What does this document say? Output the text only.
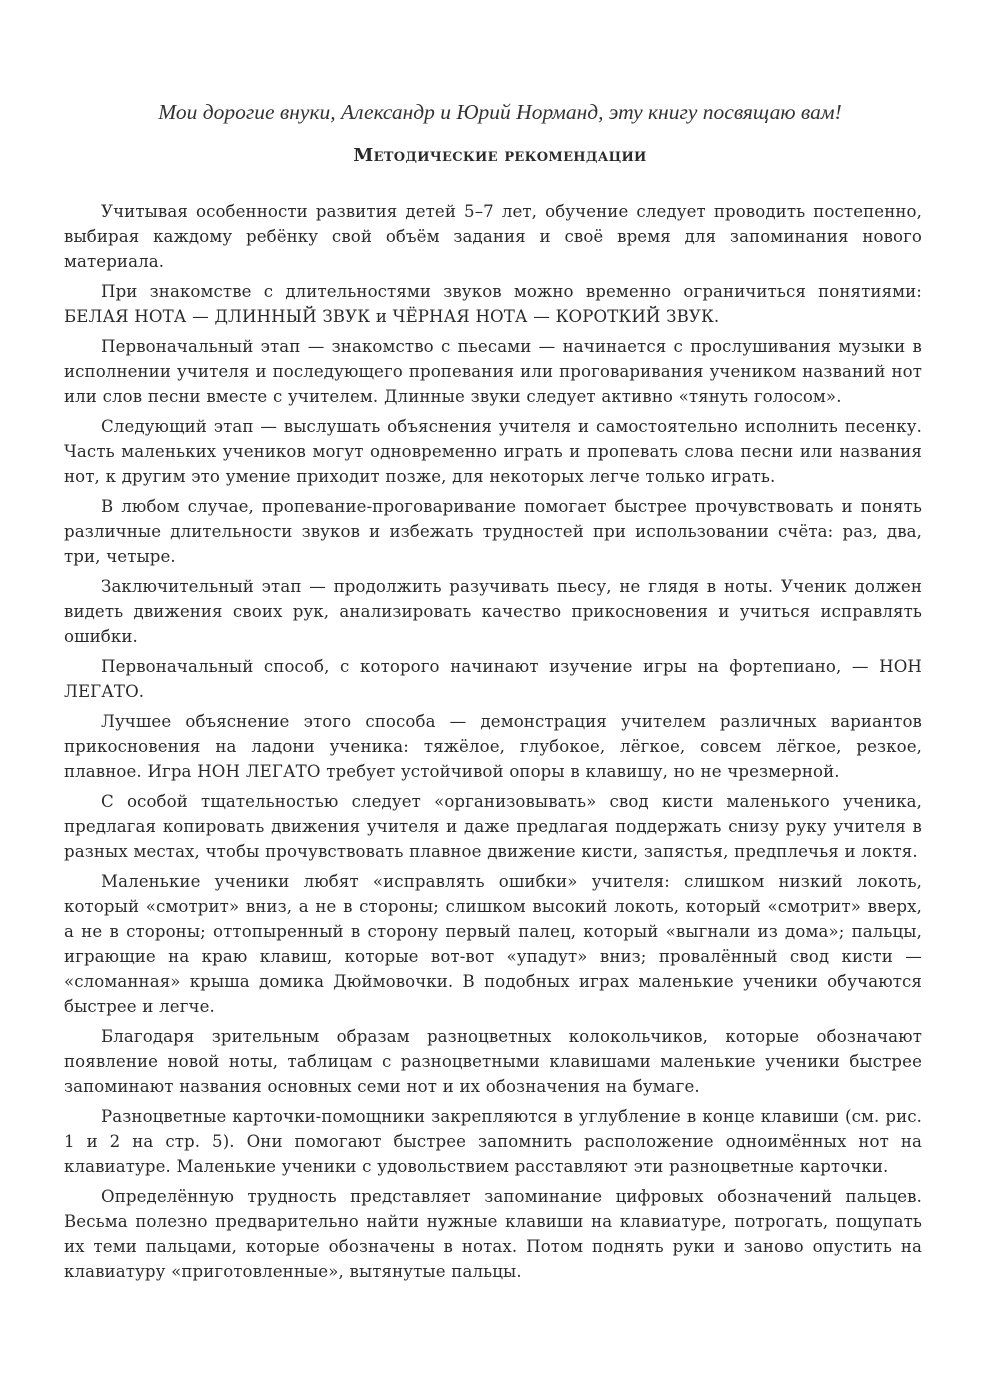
Мои дорогие внуки, Александр и Юрий Норманд, эту книгу посвящаю вам!

Методические рекомендации

Учитывая особенности развития детей 5–7 лет, обучение следует проводить постепенно, выбирая каждому ребёнку свой объём задания и своё время для запоминания нового материала.

При знакомстве с длительностями звуков можно временно ограничиться понятиями: БЕЛАЯ НОТА — ДЛИННЫЙ ЗВУК и ЧЁРНАЯ НОТА — КОРОТКИЙ ЗВУК.

Первоначальный этап — знакомство с пьесами — начинается с прослушивания музыки в исполнении учителя и последующего пропевания или проговаривания учеником названий нот или слов песни вместе с учителем. Длинные звуки следует активно «тянуть голосом».

Следующий этап — выслушать объяснения учителя и самостоятельно исполнить песенку. Часть маленьких учеников могут одновременно играть и пропевать слова песни или названия нот, к другим это умение приходит позже, для некоторых легче только играть.

В любом случае, пропевание-проговаривание помогает быстрее прочувствовать и понять различные длительности звуков и избежать трудностей при использовании счёта: раз, два, три, четыре.

Заключительный этап — продолжить разучивать пьесу, не глядя в ноты. Ученик должен видеть движения своих рук, анализировать качество прикосновения и учиться исправлять ошибки.

Первоначальный способ, с которого начинают изучение игры на фортепиано, — НОН ЛЕГАТО.

Лучшее объяснение этого способа — демонстрация учителем различных вариантов прикосновения на ладони ученика: тяжёлое, глубокое, лёгкое, совсем лёгкое, резкое, плавное. Игра НОН ЛЕГАТО требует устойчивой опоры в клавишу, но не чрезмерной.

С особой тщательностью следует «организовывать» свод кисти маленького ученика, предлагая копировать движения учителя и даже предлагая поддержать снизу руку учителя в разных местах, чтобы прочувствовать плавное движение кисти, запястья, предплечья и локтя.

Маленькие ученики любят «исправлять ошибки» учителя: слишком низкий локоть, который «смотрит» вниз, а не в стороны; слишком высокий локоть, который «смотрит» вверх, а не в стороны; оттопыренный в сторону первый палец, который «выгнали из дома»; пальцы, играющие на краю клавиш, которые вот-вот «упадут» вниз; провалённый свод кисти — «сломанная» крыша домика Дюймовочки. В подобных играх маленькие ученики обучаются быстрее и легче.

Благодаря зрительным образам разноцветных колокольчиков, которые обозначают появление новой ноты, таблицам с разноцветными клавишами маленькие ученики быстрее запоминают названия основных семи нот и их обозначения на бумаге.

Разноцветные карточки-помощники закрепляются в углубление в конце клавиши (см. рис. 1 и 2 на стр. 5). Они помогают быстрее запомнить расположение одноимённых нот на клавиатуре. Маленькие ученики с удовольствием расставляют эти разноцветные карточки.

Определённую трудность представляет запоминание цифровых обозначений пальцев. Весьма полезно предварительно найти нужные клавиши на клавиатуре, потрогать, пощупать их теми пальцами, которые обозначены в нотах. Потом поднять руки и заново опустить на клавиатуру «приготовленные», вытянутые пальцы.
